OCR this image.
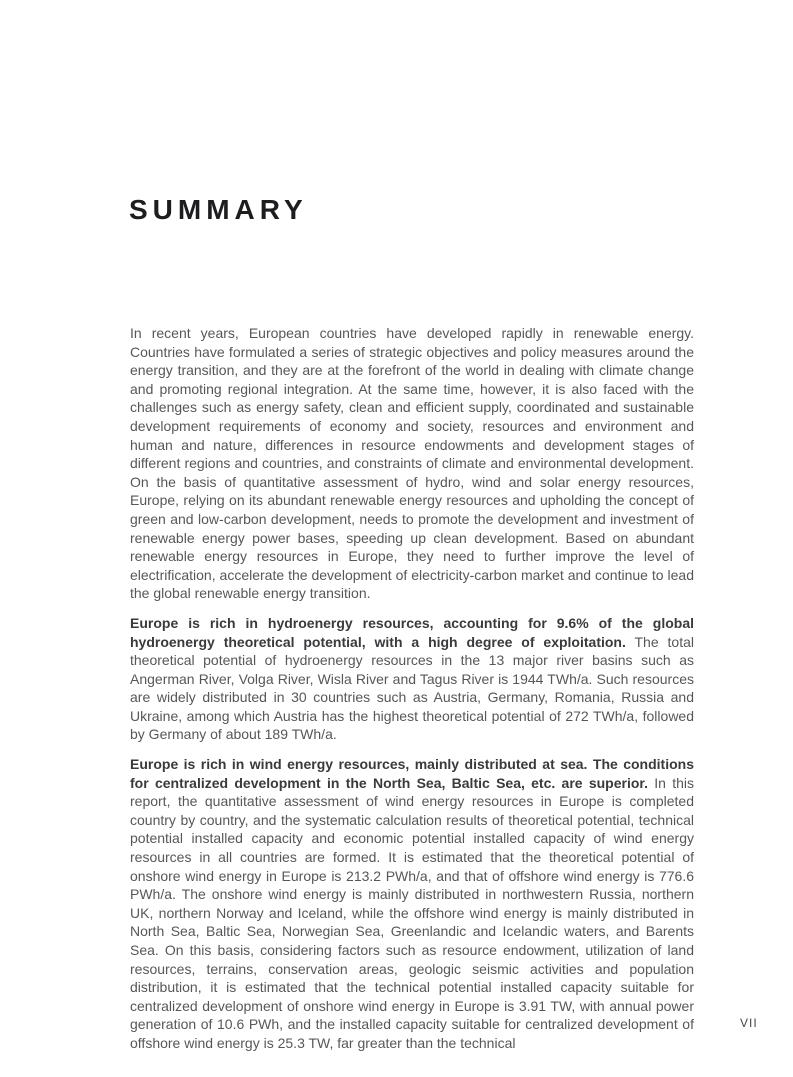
SUMMARY

In recent years, European countries have developed rapidly in renewable energy. Countries have formulated a series of strategic objectives and policy measures around the energy transition, and they are at the forefront of the world in dealing with climate change and promoting regional integration. At the same time, however, it is also faced with the challenges such as energy safety, clean and efficient supply, coordinated and sustainable development requirements of economy and society, resources and environment and human and nature, differences in resource endowments and development stages of different regions and countries, and constraints of climate and environmental development. On the basis of quantitative assessment of hydro, wind and solar energy resources, Europe, relying on its abundant renewable energy resources and upholding the concept of green and low-carbon development, needs to promote the development and investment of renewable energy power bases, speeding up clean development. Based on abundant renewable energy resources in Europe, they need to further improve the level of electrification, accelerate the development of electricity-carbon market and continue to lead the global renewable energy transition.

Europe is rich in hydroenergy resources, accounting for 9.6% of the global hydroenergy theoretical potential, with a high degree of exploitation. The total theoretical potential of hydroenergy resources in the 13 major river basins such as Angerman River, Volga River, Wisla River and Tagus River is 1944 TWh/a. Such resources are widely distributed in 30 countries such as Austria, Germany, Romania, Russia and Ukraine, among which Austria has the highest theoretical potential of 272 TWh/a, followed by Germany of about 189 TWh/a.

Europe is rich in wind energy resources, mainly distributed at sea. The conditions for centralized development in the North Sea, Baltic Sea, etc. are superior. In this report, the quantitative assessment of wind energy resources in Europe is completed country by country, and the systematic calculation results of theoretical potential, technical potential installed capacity and economic potential installed capacity of wind energy resources in all countries are formed. It is estimated that the theoretical potential of onshore wind energy in Europe is 213.2 PWh/a, and that of offshore wind energy is 776.6 PWh/a. The onshore wind energy is mainly distributed in northwestern Russia, northern UK, northern Norway and Iceland, while the offshore wind energy is mainly distributed in North Sea, Baltic Sea, Norwegian Sea, Greenlandic and Icelandic waters, and Barents Sea. On this basis, considering factors such as resource endowment, utilization of land resources, terrains, conservation areas, geologic seismic activities and population distribution, it is estimated that the technical potential installed capacity suitable for centralized development of onshore wind energy in Europe is 3.91 TW, with annual power generation of 10.6 PWh, and the installed capacity suitable for centralized development of offshore wind energy is 25.3 TW, far greater than the technical

VII
